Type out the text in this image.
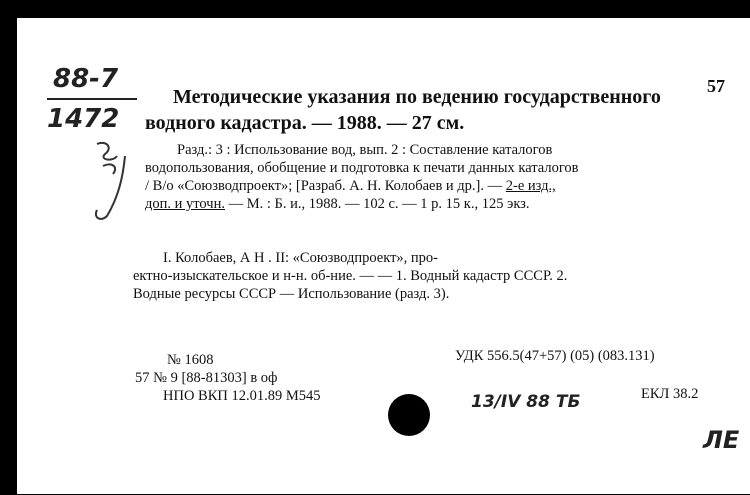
88-7
1472
57
Методические указания по ведению государственного
водного кадастра. — 1988. — 27 см.
Разд.: 3 : Использование вод, вып. 2 : Составление каталогов
водопользования, обобщение и подготовка к печати данных каталогов
/ В/о «Союзводпроект»; [Разраб. А. Н. Колобаев и др.]. — 2-е изд.,
доп. и уточн. — М. : Б. и., 1988. — 102 с. — 1 р. 15 к., 125 экз.
I. Колобаев, А Н . II: «Союзводпроект», про-
ектно-изыскательское и н-н. об-ние. — — 1. Водный кадастр СССР. 2.
Водные ресурсы СССР — Использование (разд. 3).
№ 1608
57 № 9 [88-81303] в оф
НПО ВКП 12.01.89 М545
УДК 556.5(47+57) (05) (083.131)
ЕКЛ 38.2
13/IV 88 ТБ
ЛЕ
